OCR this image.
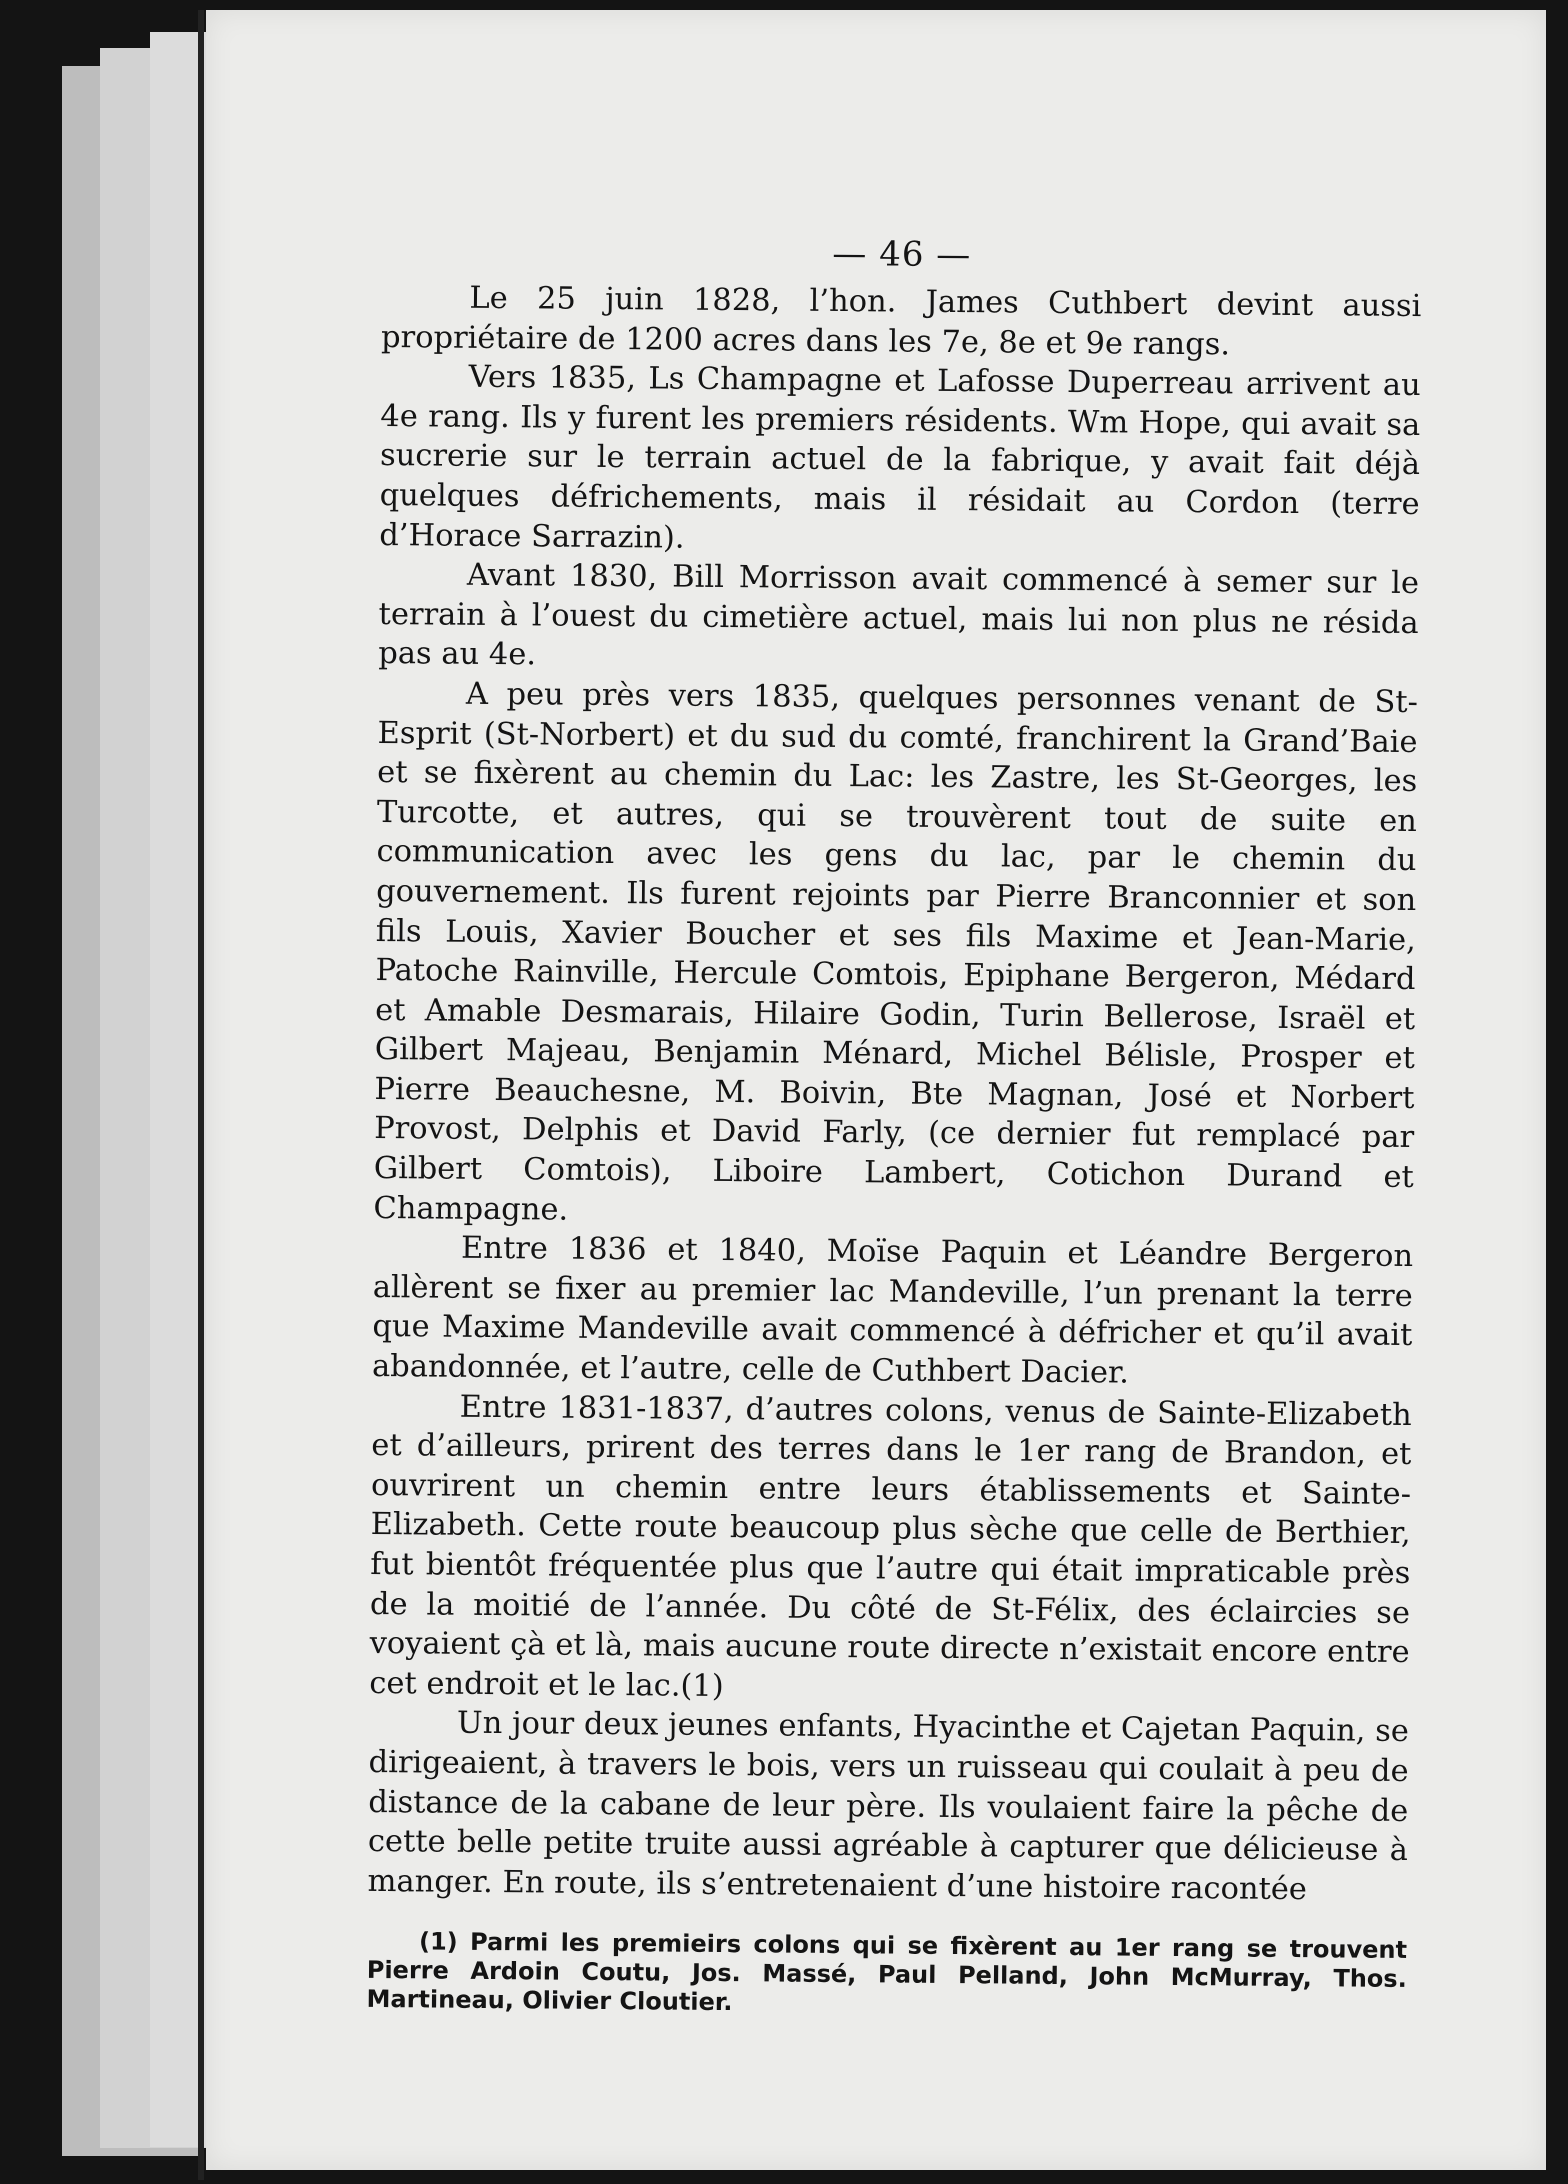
— 46 —

Le 25 juin 1828, l’hon. James Cuthbert devint aussi propriétaire de 1200 acres dans les 7e, 8e et 9e rangs.

Vers 1835, Ls Champagne et Lafosse Duperreau arrivent au 4e rang. Ils y furent les premiers résidents. Wm Hope, qui avait sa sucrerie sur le terrain actuel de la fabrique, y avait fait déjà quelques défrichements, mais il résidait au Cordon (terre d’Horace Sarrazin).

Avant 1830, Bill Morrisson avait commencé à semer sur le terrain à l’ouest du cimetière actuel, mais lui non plus ne résida pas au 4e.

A peu près vers 1835, quelques personnes venant de St-Esprit (St-Norbert) et du sud du comté, franchirent la Grand’Baie et se fixèrent au chemin du Lac: les Zastre, les St-Georges, les Turcotte, et autres, qui se trouvèrent tout de suite en communication avec les gens du lac, par le chemin du gouvernement. Ils furent rejoints par Pierre Branconnier et son fils Louis, Xavier Boucher et ses fils Maxime et Jean-Marie, Patoche Rainville, Hercule Comtois, Epiphane Bergeron, Médard et Amable Desmarais, Hilaire Godin, Turin Bellerose, Israël et Gilbert Majeau, Benjamin Ménard, Michel Bélisle, Prosper et Pierre Beauchesne, M. Boivin, Bte Magnan, José et Norbert Provost, Delphis et David Farly, (ce dernier fut remplacé par Gilbert Comtois), Liboire Lambert, Cotichon Durand et Champagne.

Entre 1836 et 1840, Moïse Paquin et Léandre Bergeron allèrent se fixer au premier lac Mandeville, l’un prenant la terre que Maxime Mandeville avait commencé à défricher et qu’il avait abandonnée, et l’autre, celle de Cuthbert Dacier.

Entre 1831-1837, d’autres colons, venus de Sainte-Elizabeth et d’ailleurs, prirent des terres dans le 1er rang de Brandon, et ouvrirent un chemin entre leurs établissements et Sainte-Elizabeth. Cette route beaucoup plus sèche que celle de Berthier, fut bientôt fréquentée plus que l’autre qui était impraticable près de la moitié de l’année. Du côté de St-Félix, des éclaircies se voyaient çà et là, mais aucune route directe n’existait encore entre cet endroit et le lac.(1)

Un jour deux jeunes enfants, Hyacinthe et Cajetan Paquin, se dirigeaient, à travers le bois, vers un ruisseau qui coulait à peu de distance de la cabane de leur père. Ils voulaient faire la pêche de cette belle petite truite aussi agréable à capturer que délicieuse à manger. En route, ils s’entretenaient d’une histoire racontée

(1) Parmi les premieirs colons qui se fixèrent au 1er rang se trouvent Pierre Ardoin Coutu, Jos. Massé, Paul Pelland, John McMurray, Thos. Martineau, Olivier Cloutier.
